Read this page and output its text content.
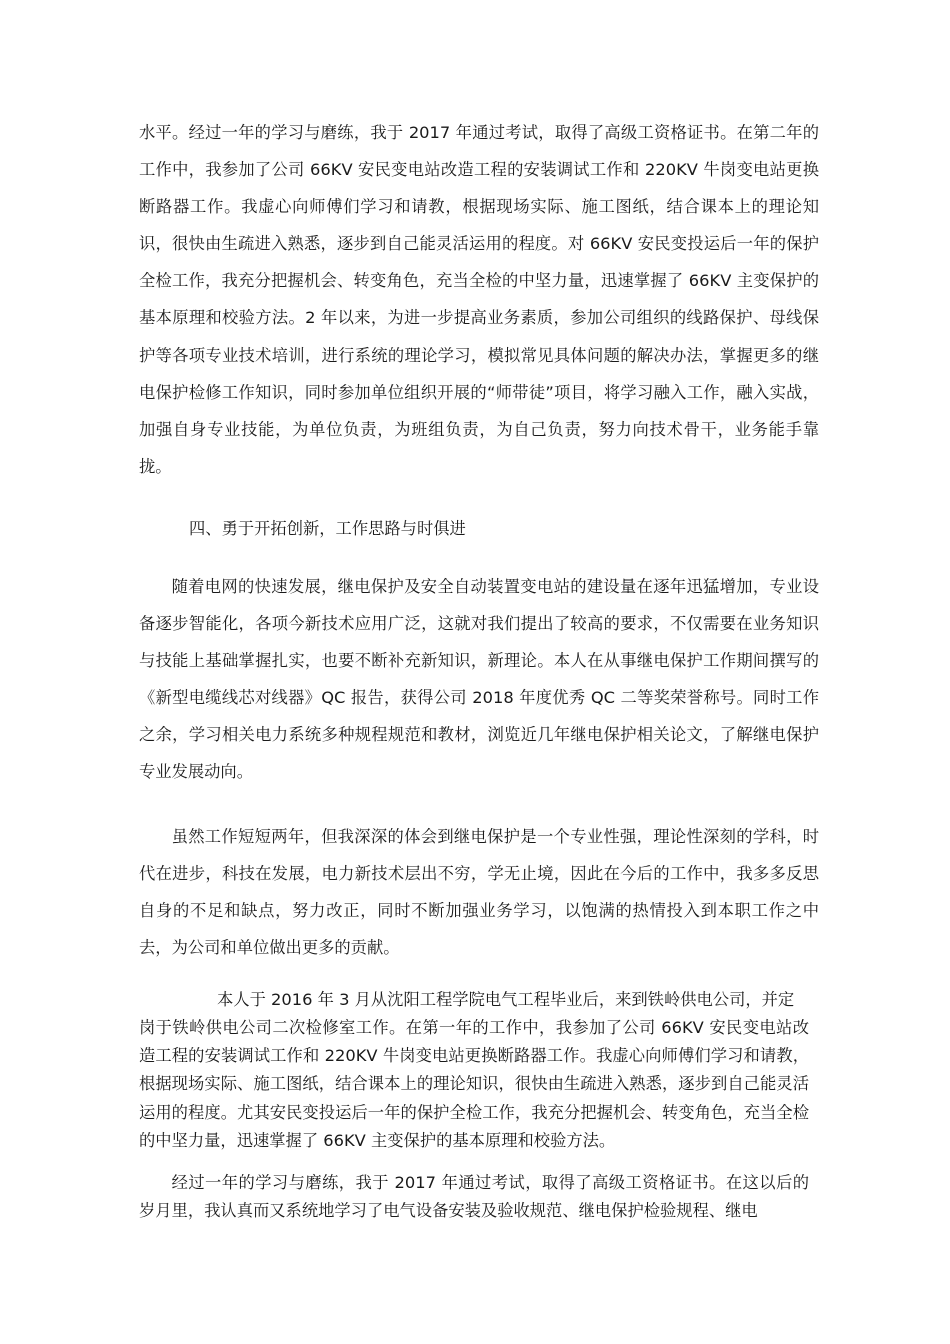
水平。经过一年的学习与磨练，我于 2017 年通过考试，取得了高级工资格证书。在第二年的工作中，我参加了公司 66KV 安民变电站改造工程的安装调试工作和 220KV 牛岗变电站更换断路器工作。我虚心向师傅们学习和请教，根据现场实际、施工图纸，结合课本上的理论知识，很快由生疏进入熟悉，逐步到自己能灵活运用的程度。对 66KV 安民变投运后一年的保护全检工作，我充分把握机会、转变角色，充当全检的中坚力量，迅速掌握了 66KV 主变保护的基本原理和校验方法。2 年以来，为进一步提高业务素质，参加公司组织的线路保护、母线保护等各项专业技术培训，进行系统的理论学习，模拟常见具体问题的解决办法，掌握更多的继电保护检修工作知识，同时参加单位组织开展的“师带徒”项目，将学习融入工作，融入实战，加强自身专业技能，为单位负责，为班组负责，为自己负责，努力向技术骨干，业务能手靠拢。

四、勇于开拓创新，工作思路与时俱进

随着电网的快速发展，继电保护及安全自动装置变电站的建设量在逐年迅猛增加，专业设备逐步智能化，各项今新技术应用广泛，这就对我们提出了较高的要求，不仅需要在业务知识与技能上基础掌握扎实，也要不断补充新知识，新理论。本人在从事继电保护工作期间撰写的《新型电缆线芯对线器》QC 报告，获得公司 2018 年度优秀 QC 二等奖荣誉称号。同时工作之余，学习相关电力系统多种规程规范和教材，浏览近几年继电保护相关论文，了解继电保护专业发展动向。

虽然工作短短两年，但我深深的体会到继电保护是一个专业性强，理论性深刻的学科，时代在进步，科技在发展，电力新技术层出不穷，学无止境，因此在今后的工作中，我多多反思自身的不足和缺点，努力改正，同时不断加强业务学习，以饱满的热情投入到本职工作之中去，为公司和单位做出更多的贡献。

本人于 2016 年 3 月从沈阳工程学院电气工程毕业后，来到铁岭供电公司，并定

岗于铁岭供电公司二次检修室工作。在第一年的工作中，我参加了公司 66KV 安民变电站改造工程的安装调试工作和 220KV 牛岗变电站更换断路器工作。我虚心向师傅们学习和请教，根据现场实际、施工图纸，结合课本上的理论知识，很快由生疏进入熟悉，逐步到自己能灵活运用的程度。尤其安民变投运后一年的保护全检工作，我充分把握机会、转变角色，充当全检的中坚力量，迅速掌握了 66KV 主变保护的基本原理和校验方法。

经过一年的学习与磨练，我于 2017 年通过考试，取得了高级工资格证书。在这以后的岁月里，我认真而又系统地学习了电气设备安装及验收规范、继电保护检验规程、继电
